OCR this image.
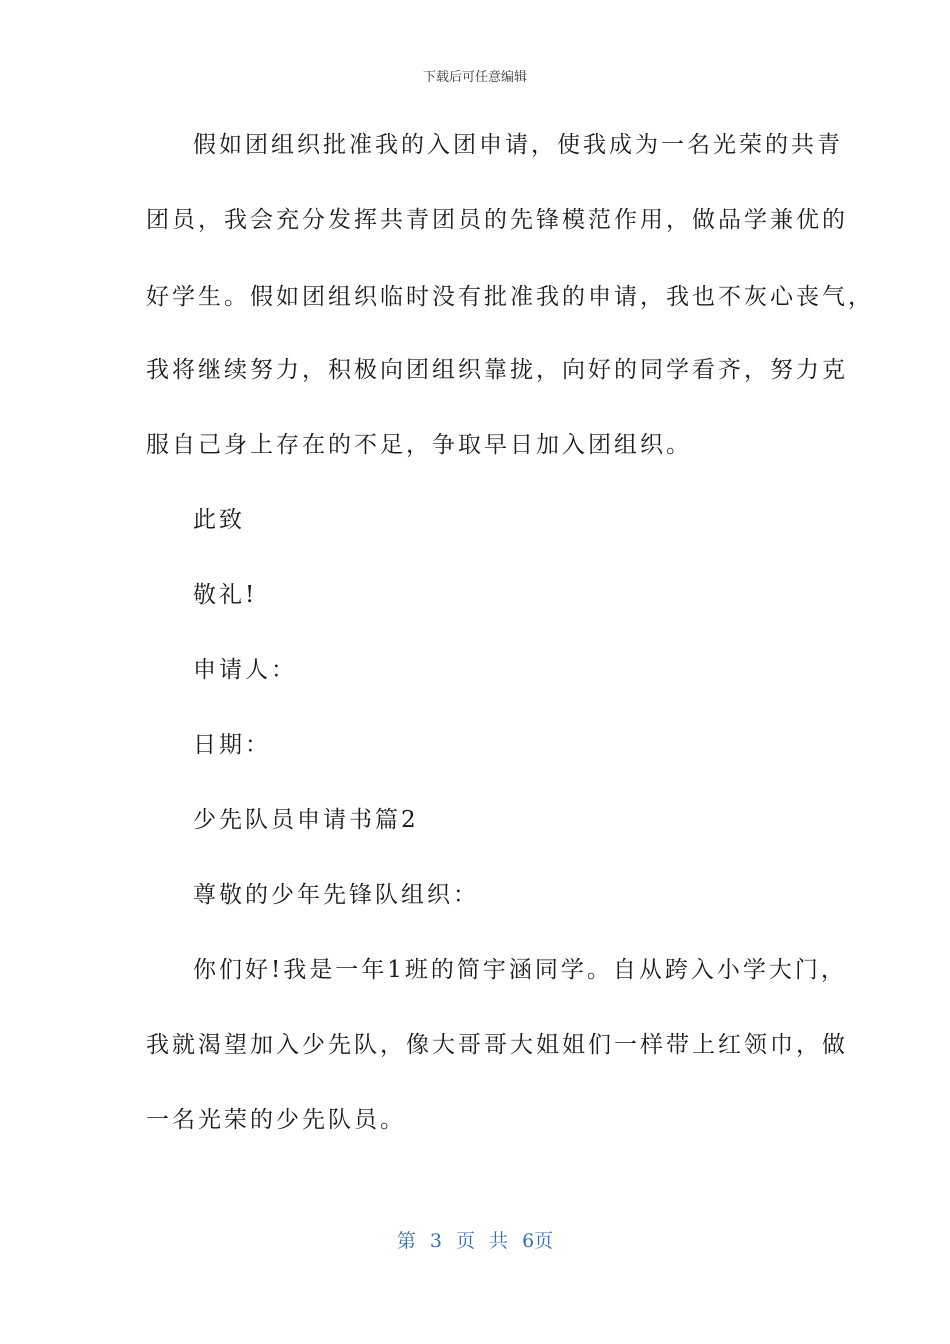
下载后可任意编辑
假如团组织批准我的入团申请，使我成为一名光荣的共青
团员，我会充分发挥共青团员的先锋模范作用，做品学兼优的
好学生。假如团组织临时没有批准我的申请，我也不灰心丧气，
我将继续努力，积极向团组织靠拢，向好的同学看齐，努力克
服自己身上存在的不足，争取早日加入团组织。
此致
敬礼!
申请人：
日期：
少先队员申请书篇2
尊敬的少年先锋队组织：
你们好!我是一年1班的简宇涵同学。自从跨入小学大门，
我就渴望加入少先队，像大哥哥大姐姐们一样带上红领巾，做
一名光荣的少先队员。
第 3 页 共 6页
